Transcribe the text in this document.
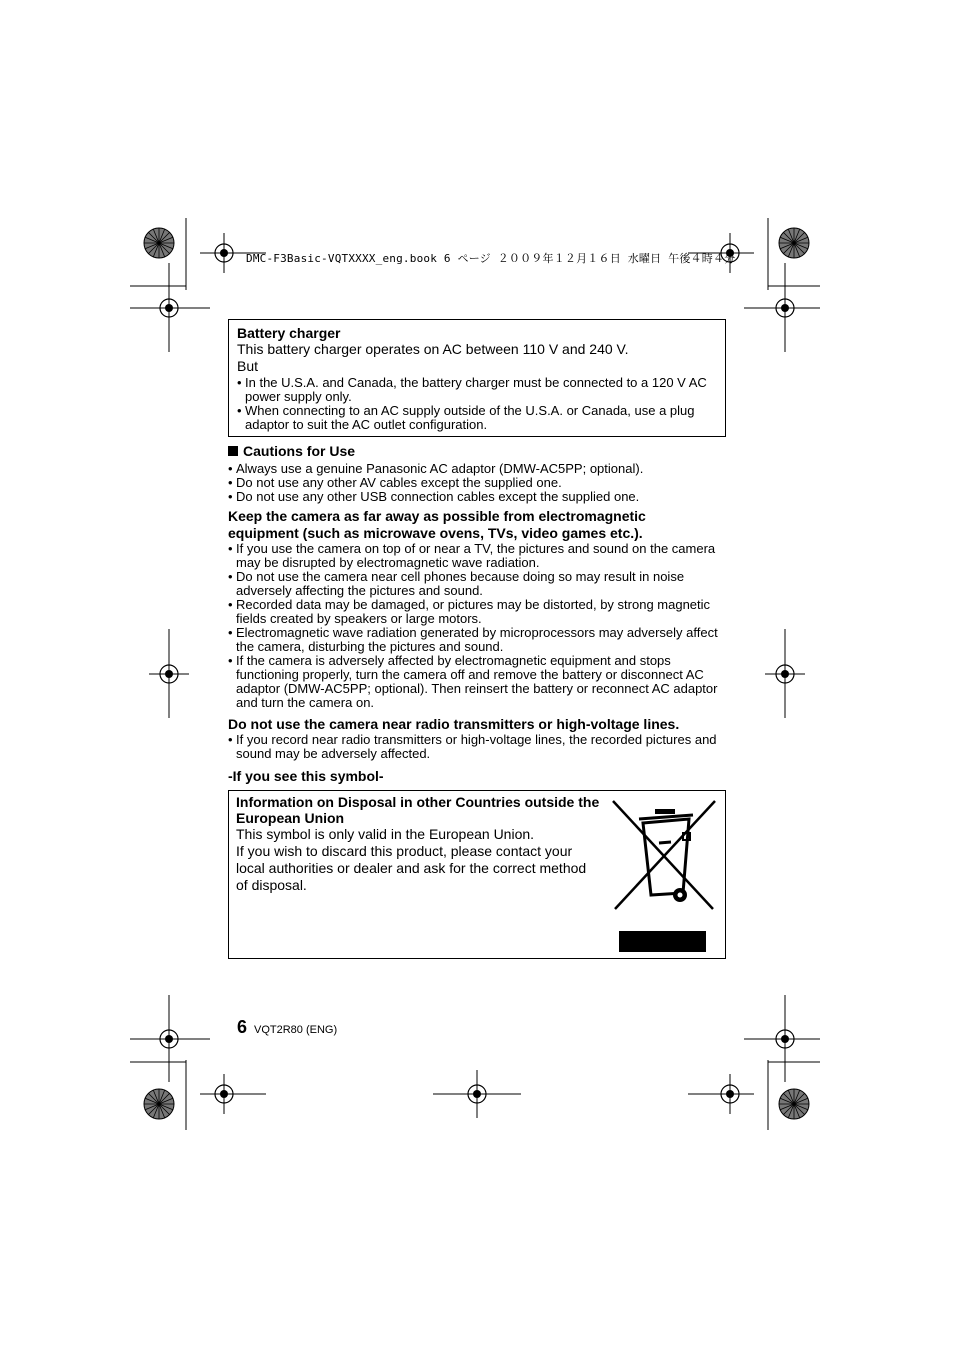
DMC-F3Basic-VQTXXXX_eng.book 6 ページ ２００９年１２月１６日 水曜日 午後４時４分
Battery charger
This battery charger operates on AC between 110 V and 240 V.
But
• In the U.S.A. and Canada, the battery charger must be connected to a 120 V AC power supply only.
• When connecting to an AC supply outside of the U.S.A. or Canada, use a plug adaptor to suit the AC outlet configuration.
Cautions for Use
• Always use a genuine Panasonic AC adaptor (DMW-AC5PP; optional).
• Do not use any other AV cables except the supplied one.
• Do not use any other USB connection cables except the supplied one.
Keep the camera as far away as possible from electromagnetic equipment (such as microwave ovens, TVs, video games etc.).
• If you use the camera on top of or near a TV, the pictures and sound on the camera may be disrupted by electromagnetic wave radiation.
• Do not use the camera near cell phones because doing so may result in noise adversely affecting the pictures and sound.
• Recorded data may be damaged, or pictures may be distorted, by strong magnetic fields created by speakers or large motors.
• Electromagnetic wave radiation generated by microprocessors may adversely affect the camera, disturbing the pictures and sound.
• If the camera is adversely affected by electromagnetic equipment and stops functioning properly, turn the camera off and remove the battery or disconnect AC adaptor (DMW-AC5PP; optional). Then reinsert the battery or reconnect AC adaptor and turn the camera on.
Do not use the camera near radio transmitters or high-voltage lines.
• If you record near radio transmitters or high-voltage lines, the recorded pictures and sound may be adversely affected.
-If you see this symbol-
Information on Disposal in other Countries outside the European Union
This symbol is only valid in the European Union.
If you wish to discard this product, please contact your local authorities or dealer and ask for the correct method of disposal.
6 VQT2R80 (ENG)
